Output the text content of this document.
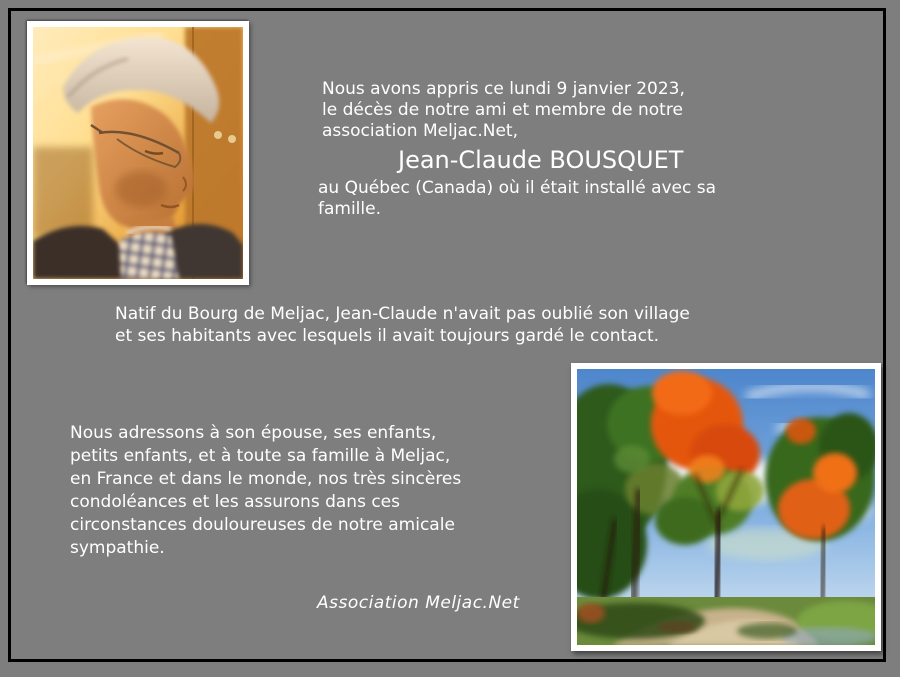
Nous avons appris ce lundi 9 janvier 2023,
le décès de notre ami et membre de notre
association Meljac.Net,
Jean-Claude BOUSQUET
au Québec (Canada) où il était installé avec sa
famille.
Natif du Bourg de Meljac, Jean-Claude n'avait pas oublié son village
et ses habitants avec lesquels il avait toujours gardé le contact.
Nous adressons à son épouse, ses enfants,
petits enfants, et à toute sa famille à Meljac,
en France et dans le monde, nos très sincères
condoléances et les assurons dans ces
circonstances douloureuses de notre amicale
sympathie.
Association Meljac.Net
